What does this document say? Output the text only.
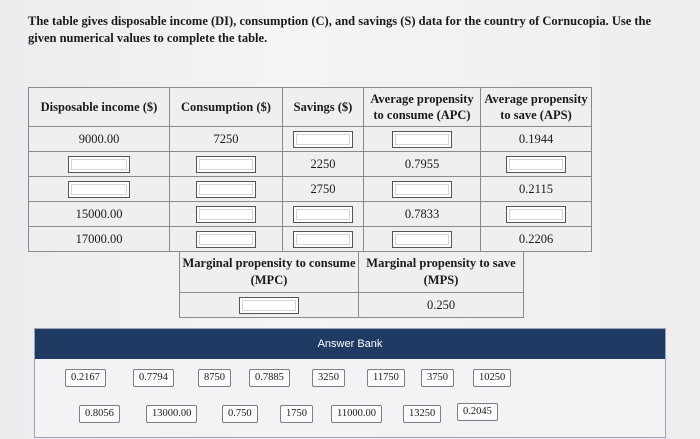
The table gives disposable income (DI), consumption (C), and savings (S) data for the country of Cornucopia. Use the given numerical values to complete the table.
Disposable income ($)	Consumption ($)	Savings ($)	Average propensity to consume (APC)	Average propensity to save (APS)
9000.00	7250			0.1944
		2250	0.7955	
		2750		0.2115
15000.00			0.7833	
17000.00				0.2206
Marginal propensity to consume (MPC)	Marginal propensity to save (MPS)
	0.250
Answer Bank
0.2167	0.7794	8750	0.7885	3250	11750	3750	10250
0.8056	13000.00	0.750	1750	11000.00	13250	0.2045
